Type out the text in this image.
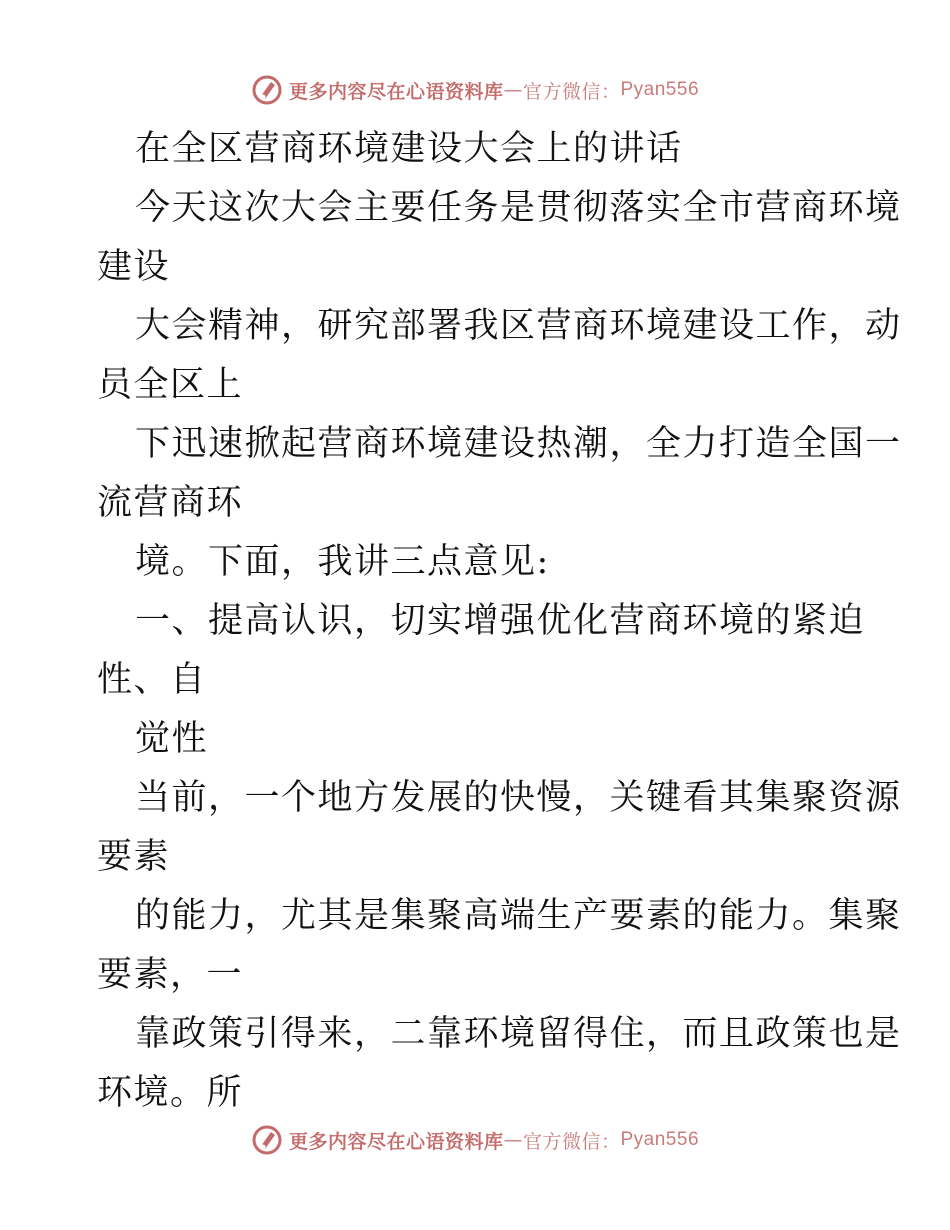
更多内容尽在心语资料库 — 官方微信： Pyan556
在全区营商环境建设大会上的讲话
今天这次大会主要任务是贯彻落实全市营商环境
建设
大会精神，研究部署我区营商环境建设工作，动
员全区上
下迅速掀起营商环境建设热潮，全力打造全国一
流营商环
境。下面，我讲三点意见:
一、提高认识，切实增强优化营商环境的紧迫
性、自
觉性
当前，一个地方发展的快慢，关键看其集聚资源
要素
的能力，尤其是集聚高端生产要素的能力。集聚
要素，一
靠政策引得来，二靠环境留得住，而且政策也是
环境。所
更多内容尽在心语资料库 — 官方微信： Pyan556
